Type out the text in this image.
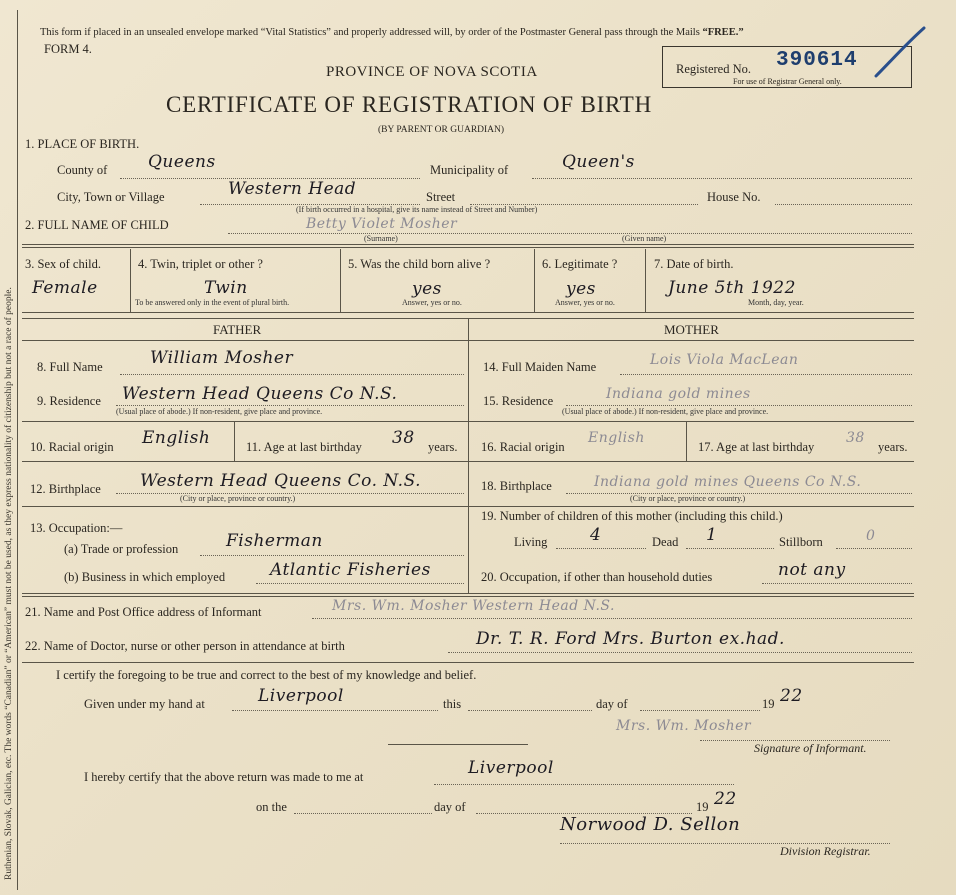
Ruthenian, Slovak, Galician, etc. The words “Canadian” or “American” must not be used, as they express nationality of citizenship but not a race of people.
This form if placed in an unsealed envelope marked “Vital Statistics” and properly addressed will, by order of the Postmaster General pass through the Mails “FREE.”
FORM 4.
PROVINCE OF NOVA SCOTIA
CERTIFICATE OF REGISTRATION OF BIRTH
(BY PARENT OR GUARDIAN)
Registered No. 390614
For use of Registrar General only.
1. PLACE OF BIRTH.
County of Queens	Municipality of	Queen's
City, Town or Village	Western Head	Street
(If birth occurred in a hospital, give its name instead of Street and Number)
House No.
2. FULL NAME OF CHILD	Betty Violet Mosher
(Surname)	(Given name)
3. Sex of child.
Female
4. Twin, triplet or other ?
Twin
To be answered only in the event of plural birth.
5. Was the child born alive ?
yes
Answer, yes or no.
6. Legitimate ?
yes
Answer, yes or no.
7. Date of birth.
June 5th 1922
Month, day, year.
FATHER	MOTHER
8. Full Name	William Mosher
9. Residence Western Head Queens Co N.S.
(Usual place of abode.) If non-resident, give place and province.
10. Racial origin English	11. Age at last birthday 38 years.
12. Birthplace Western Head Queens Co. N.S.
(City or place, province or country.)
13. Occupation:—
(a) Trade or profession	Fisherman
(b) Business in which employed	Atlantic Fisheries
14. Full Maiden Name	Lois Viola MacLean
15. Residence	Indiana gold mines
(Usual place of abode.) If non-resident, give place and province.
16. Racial origin
English
17. Age at last birthday
38
years.
18. Birthplace	Indiana gold mines Queens Co N.S.
(City or place, province or country.)
19. Number of children of this mother (including this child.)
Living	4	Dead 1	Stillborn	0
20. Occupation, if other than household duties	not any
21. Name and Post Office address of Informant	Mrs. Wm. Mosher Western Head N.S.
22. Name of Doctor, nurse or other person in attendance at birth	Dr. T. R. Ford Mrs. Burton ex.had.
I certify the foregoing to be true and correct to the best of my knowledge and belief.
Given under my hand at	Liverpool	this	day of	19 22
Mrs. Wm. Mosher
Signature of Informant.
I hereby certify that the above return was made to me at	Liverpool
on the	day of	19 22
Norwood D. Sellon
Division Registrar.
